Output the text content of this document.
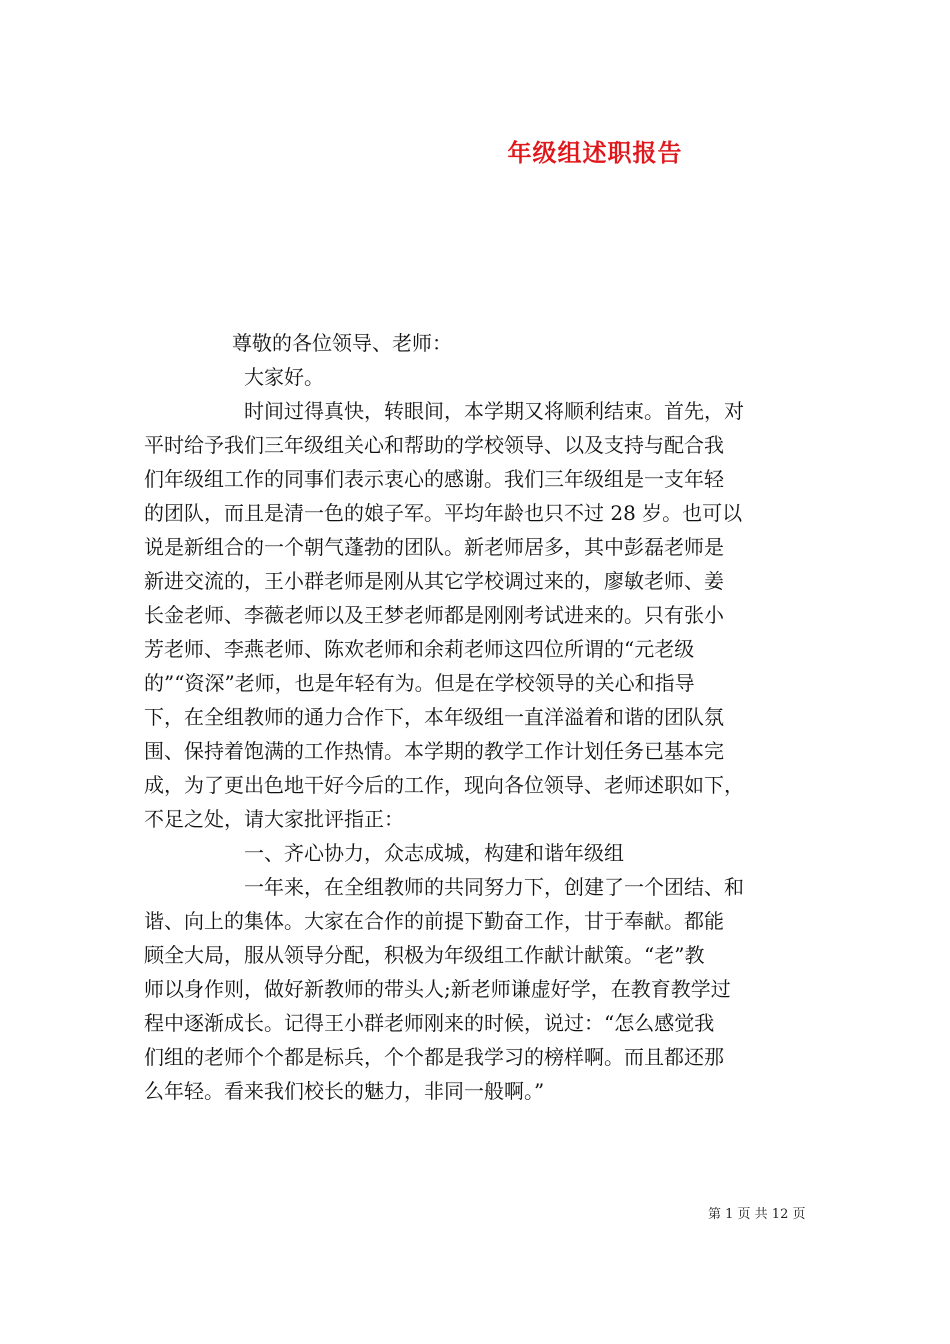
年级组述职报告
尊敬的各位领导、老师：
大家好。
时间过得真快，转眼间，本学期又将顺利结束。首先，对
平时给予我们三年级组关心和帮助的学校领导、以及支持与配合我
们年级组工作的同事们表示衷心的感谢。我们三年级组是一支年轻
的团队，而且是清一色的娘子军。平均年龄也只不过 28 岁。也可以
说是新组合的一个朝气蓬勃的团队。新老师居多，其中彭磊老师是
新进交流的，王小群老师是刚从其它学校调过来的，廖敏老师、姜
长金老师、李薇老师以及王梦老师都是刚刚考试进来的。只有张小
芳老师、李燕老师、陈欢老师和余莉老师这四位所谓的“元老级
的”“资深”老师，也是年轻有为。但是在学校领导的关心和指导
下，在全组教师的通力合作下，本年级组一直洋溢着和谐的团队氛
围、保持着饱满的工作热情。本学期的教学工作计划任务已基本完
成，为了更出色地干好今后的工作，现向各位领导、老师述职如下，
不足之处，请大家批评指正：
一、齐心协力，众志成城，构建和谐年级组
一年来，在全组教师的共同努力下，创建了一个团结、和
谐、向上的集体。大家在合作的前提下勤奋工作，甘于奉献。都能
顾全大局，服从领导分配，积极为年级组工作献计献策。“老”教
师以身作则，做好新教师的带头人;新老师谦虚好学，在教育教学过
程中逐渐成长。记得王小群老师刚来的时候，说过：“怎么感觉我
们组的老师个个都是标兵，个个都是我学习的榜样啊。而且都还那
么年轻。看来我们校长的魅力，非同一般啊。”
第 1 页 共 12 页
